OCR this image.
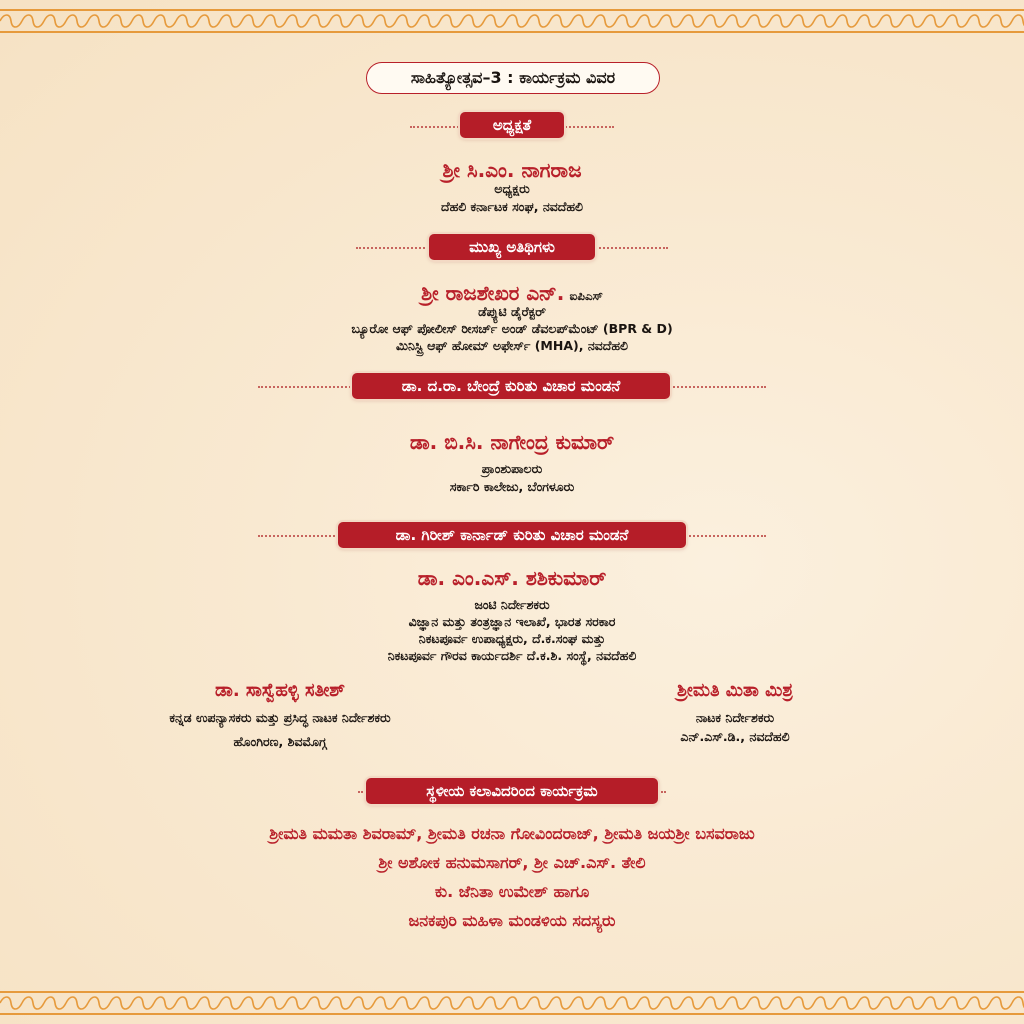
ಸಾಹಿತ್ಯೋತ್ಸವ–3 : ಕಾರ್ಯಕ್ರಮ ವಿವರ
ಅಧ್ಯಕ್ಷತೆ
ಶ್ರೀ ಸಿ.ಎಂ. ನಾಗರಾಜ
ಅಧ್ಯಕ್ಷರು
ದೆಹಲಿ ಕರ್ನಾಟಕ ಸಂಘ, ನವದೆಹಲಿ
ಮುಖ್ಯ ಅತಿಥಿಗಳು
ಶ್ರೀ ರಾಜಶೇಖರ ಎನ್. ಐಪಿಎಸ್
ಡೆಪ್ಯುಟಿ ಡೈರೆಕ್ಟರ್
ಬ್ಯೂರೋ ಆಫ್ ಪೋಲೀಸ್ ರೀಸರ್ಚ್ ಅಂಡ್ ಡೆವಲಪ್‌ಮೆಂಟ್ (BPR & D)
ಮಿನಿಸ್ಟ್ರಿ ಆಫ್ ಹೋಮ್ ಅಫೇರ್ಸ್ (MHA), ನವದೆಹಲಿ
ಡಾ. ದ.ರಾ. ಬೇಂದ್ರೆ ಕುರಿತು ವಿಚಾರ ಮಂಡನೆ
ಡಾ. ಬಿ.ಸಿ. ನಾಗೇಂದ್ರ ಕುಮಾರ್
ಪ್ರಾಂಶುಪಾಲರು
ಸರ್ಕಾರಿ ಕಾಲೇಜು, ಬೆಂಗಳೂರು
ಡಾ. ಗಿರೀಶ್ ಕಾರ್ನಾಡ್ ಕುರಿತು ವಿಚಾರ ಮಂಡನೆ
ಡಾ. ಎಂ.ಎಸ್. ಶಶಿಕುಮಾರ್
ಜಂಟಿ ನಿರ್ದೇಶಕರು
ವಿಜ್ಞಾನ ಮತ್ತು ತಂತ್ರಜ್ಞಾನ ಇಲಾಖೆ, ಭಾರತ ಸರಕಾರ
ನಿಕಟಪೂರ್ವ ಉಪಾಧ್ಯಕ್ಷರು, ದೆ.ಕ.ಸಂಘ ಮತ್ತು
ನಿಕಟಪೂರ್ವ ಗೌರವ ಕಾರ್ಯದರ್ಶಿ ದೆ.ಕ.ಶಿ. ಸಂಸ್ಥೆ, ನವದೆಹಲಿ
ಡಾ. ಸಾಸ್ವೆಹಳ್ಳಿ ಸತೀಶ್
ಕನ್ನಡ ಉಪನ್ಯಾಸಕರು ಮತ್ತು ಪ್ರಸಿದ್ಧ ನಾಟಕ ನಿರ್ದೇಶಕರು
ಹೊಂಗಿರಣ, ಶಿವಮೊಗ್ಗ
ಶ್ರೀಮತಿ ಮಿತಾ ಮಿಶ್ರ
ನಾಟಕ ನಿರ್ದೇಶಕರು
ಎನ್.ಎಸ್.ಡಿ., ನವದೆಹಲಿ
ಸ್ಥಳೀಯ ಕಲಾವಿದರಿಂದ ಕಾರ್ಯಕ್ರಮ
ಶ್ರೀಮತಿ ಮಮತಾ ಶಿವರಾಮ್, ಶ್ರೀಮತಿ ರಚನಾ ಗೋವಿಂದರಾಜ್, ಶ್ರೀಮತಿ ಜಯಶ್ರೀ ಬಸವರಾಜು
ಶ್ರೀ ಅಶೋಕ ಹನುಮಸಾಗರ್, ಶ್ರೀ ಎಚ್.ಎಸ್. ತೇಲಿ
ಕು. ಜೆನಿತಾ ಉಮೇಶ್ ಹಾಗೂ
ಜನಕಪುರಿ ಮಹಿಳಾ ಮಂಡಳಿಯ ಸದಸ್ಯರು
